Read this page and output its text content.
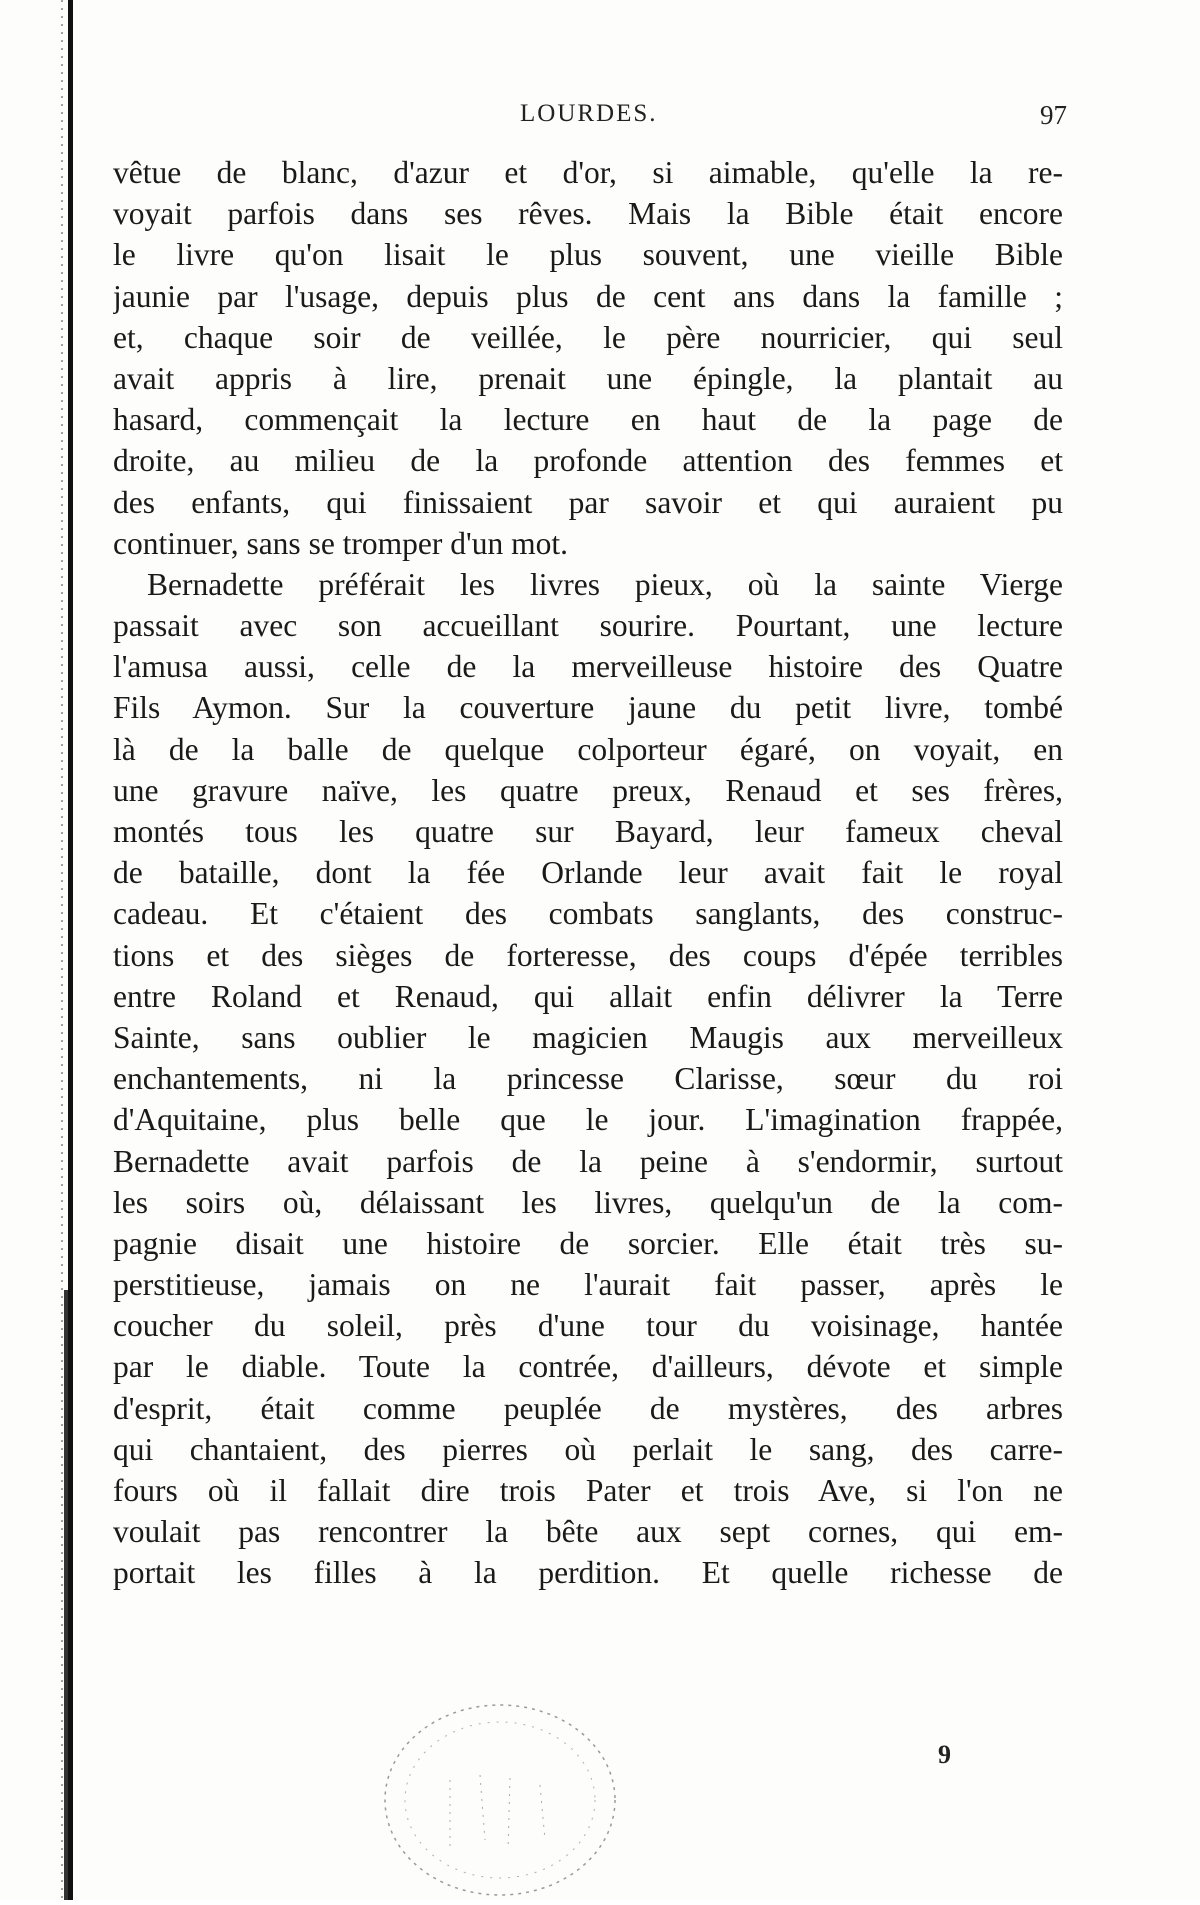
LOURDES.	97
vêtue de blanc, d'azur et d'or, si aimable, qu'elle la re-
voyait parfois dans ses rêves. Mais la Bible était encore
le livre qu'on lisait le plus souvent, une vieille Bible
jaunie par l'usage, depuis plus de cent ans dans la famille ;
et, chaque soir de veillée, le père nourricier, qui seul
avait appris à lire, prenait une épingle, la plantait au
hasard, commençait la lecture en haut de la page de
droite, au milieu de la profonde attention des femmes et
des enfants, qui finissaient par savoir et qui auraient pu
continuer, sans se tromper d'un mot.
Bernadette préférait les livres pieux, où la sainte Vierge
passait avec son accueillant sourire. Pourtant, une lecture
l'amusa aussi, celle de la merveilleuse histoire des Quatre
Fils Aymon. Sur la couverture jaune du petit livre, tombé
là de la balle de quelque colporteur égaré, on voyait, en
une gravure naïve, les quatre preux, Renaud et ses frères,
montés tous les quatre sur Bayard, leur fameux cheval
de bataille, dont la fée Orlande leur avait fait le royal
cadeau. Et c'étaient des combats sanglants, des construc-
tions et des sièges de forteresse, des coups d'épée terribles
entre Roland et Renaud, qui allait enfin délivrer la Terre
Sainte, sans oublier le magicien Maugis aux merveilleux
enchantements, ni la princesse Clarisse, sœur du roi
d'Aquitaine, plus belle que le jour. L'imagination frappée,
Bernadette avait parfois de la peine à s'endormir, surtout
les soirs où, délaissant les livres, quelqu'un de la com-
pagnie disait une histoire de sorcier. Elle était très su-
perstitieuse, jamais on ne l'aurait fait passer, après le
coucher du soleil, près d'une tour du voisinage, hantée
par le diable. Toute la contrée, d'ailleurs, dévote et simple
d'esprit, était comme peuplée de mystères, des arbres
qui chantaient, des pierres où perlait le sang, des carre-
fours où il fallait dire trois Pater et trois Ave, si l'on ne
voulait pas rencontrer la bête aux sept cornes, qui em-
portait les filles à la perdition. Et quelle richesse de
9
